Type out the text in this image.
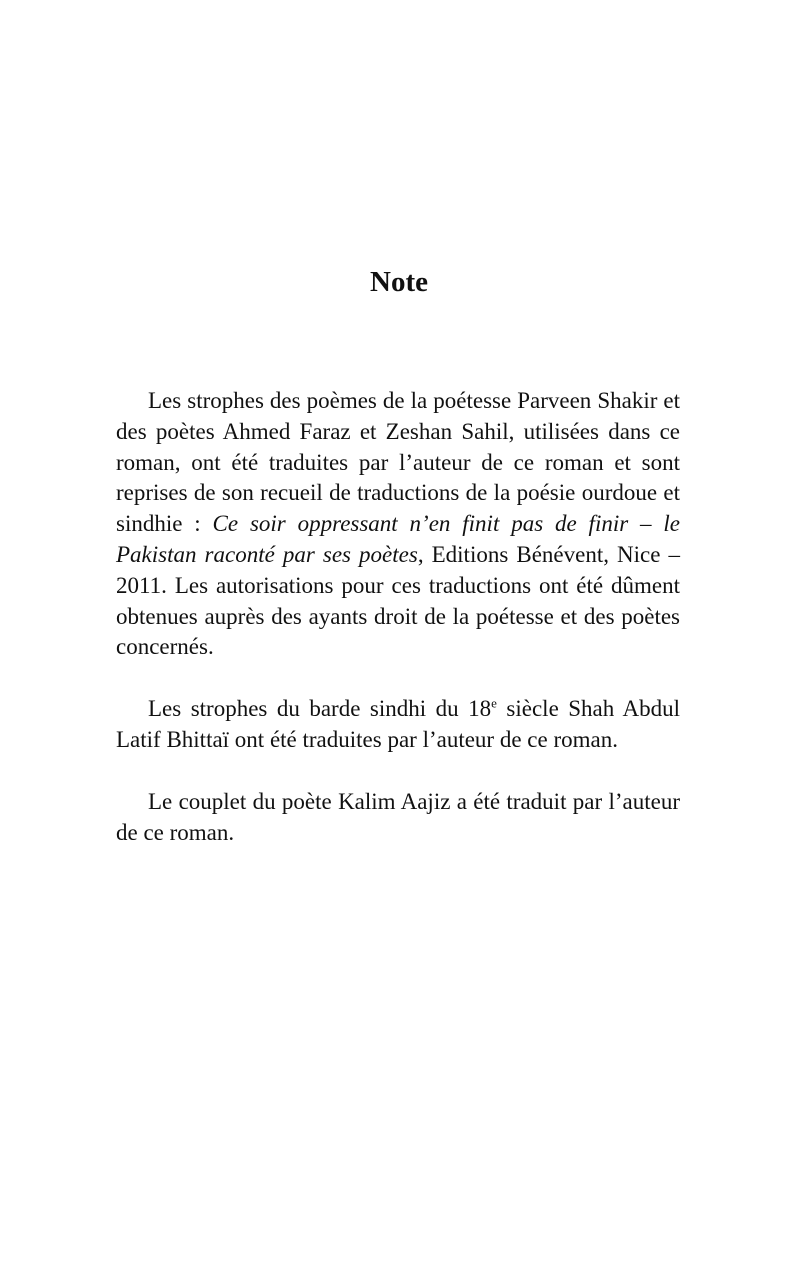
Note

Les strophes des poèmes de la poétesse Parveen Shakir et des poètes Ahmed Faraz et Zeshan Sahil, utilisées dans ce roman, ont été traduites par l’auteur de ce roman et sont reprises de son recueil de traductions de la poésie ourdoue et sindhie : Ce soir oppressant n’en finit pas de finir – le Pakistan raconté par ses poètes, Editions Bénévent, Nice – 2011. Les autorisations pour ces traductions ont été dûment obtenues auprès des ayants droit de la poétesse et des poètes concernés.

Les strophes du barde sindhi du 18e siècle Shah Abdul Latif Bhittaï ont été traduites par l’auteur de ce roman.

Le couplet du poète Kalim Aajiz a été traduit par l’auteur de ce roman.
